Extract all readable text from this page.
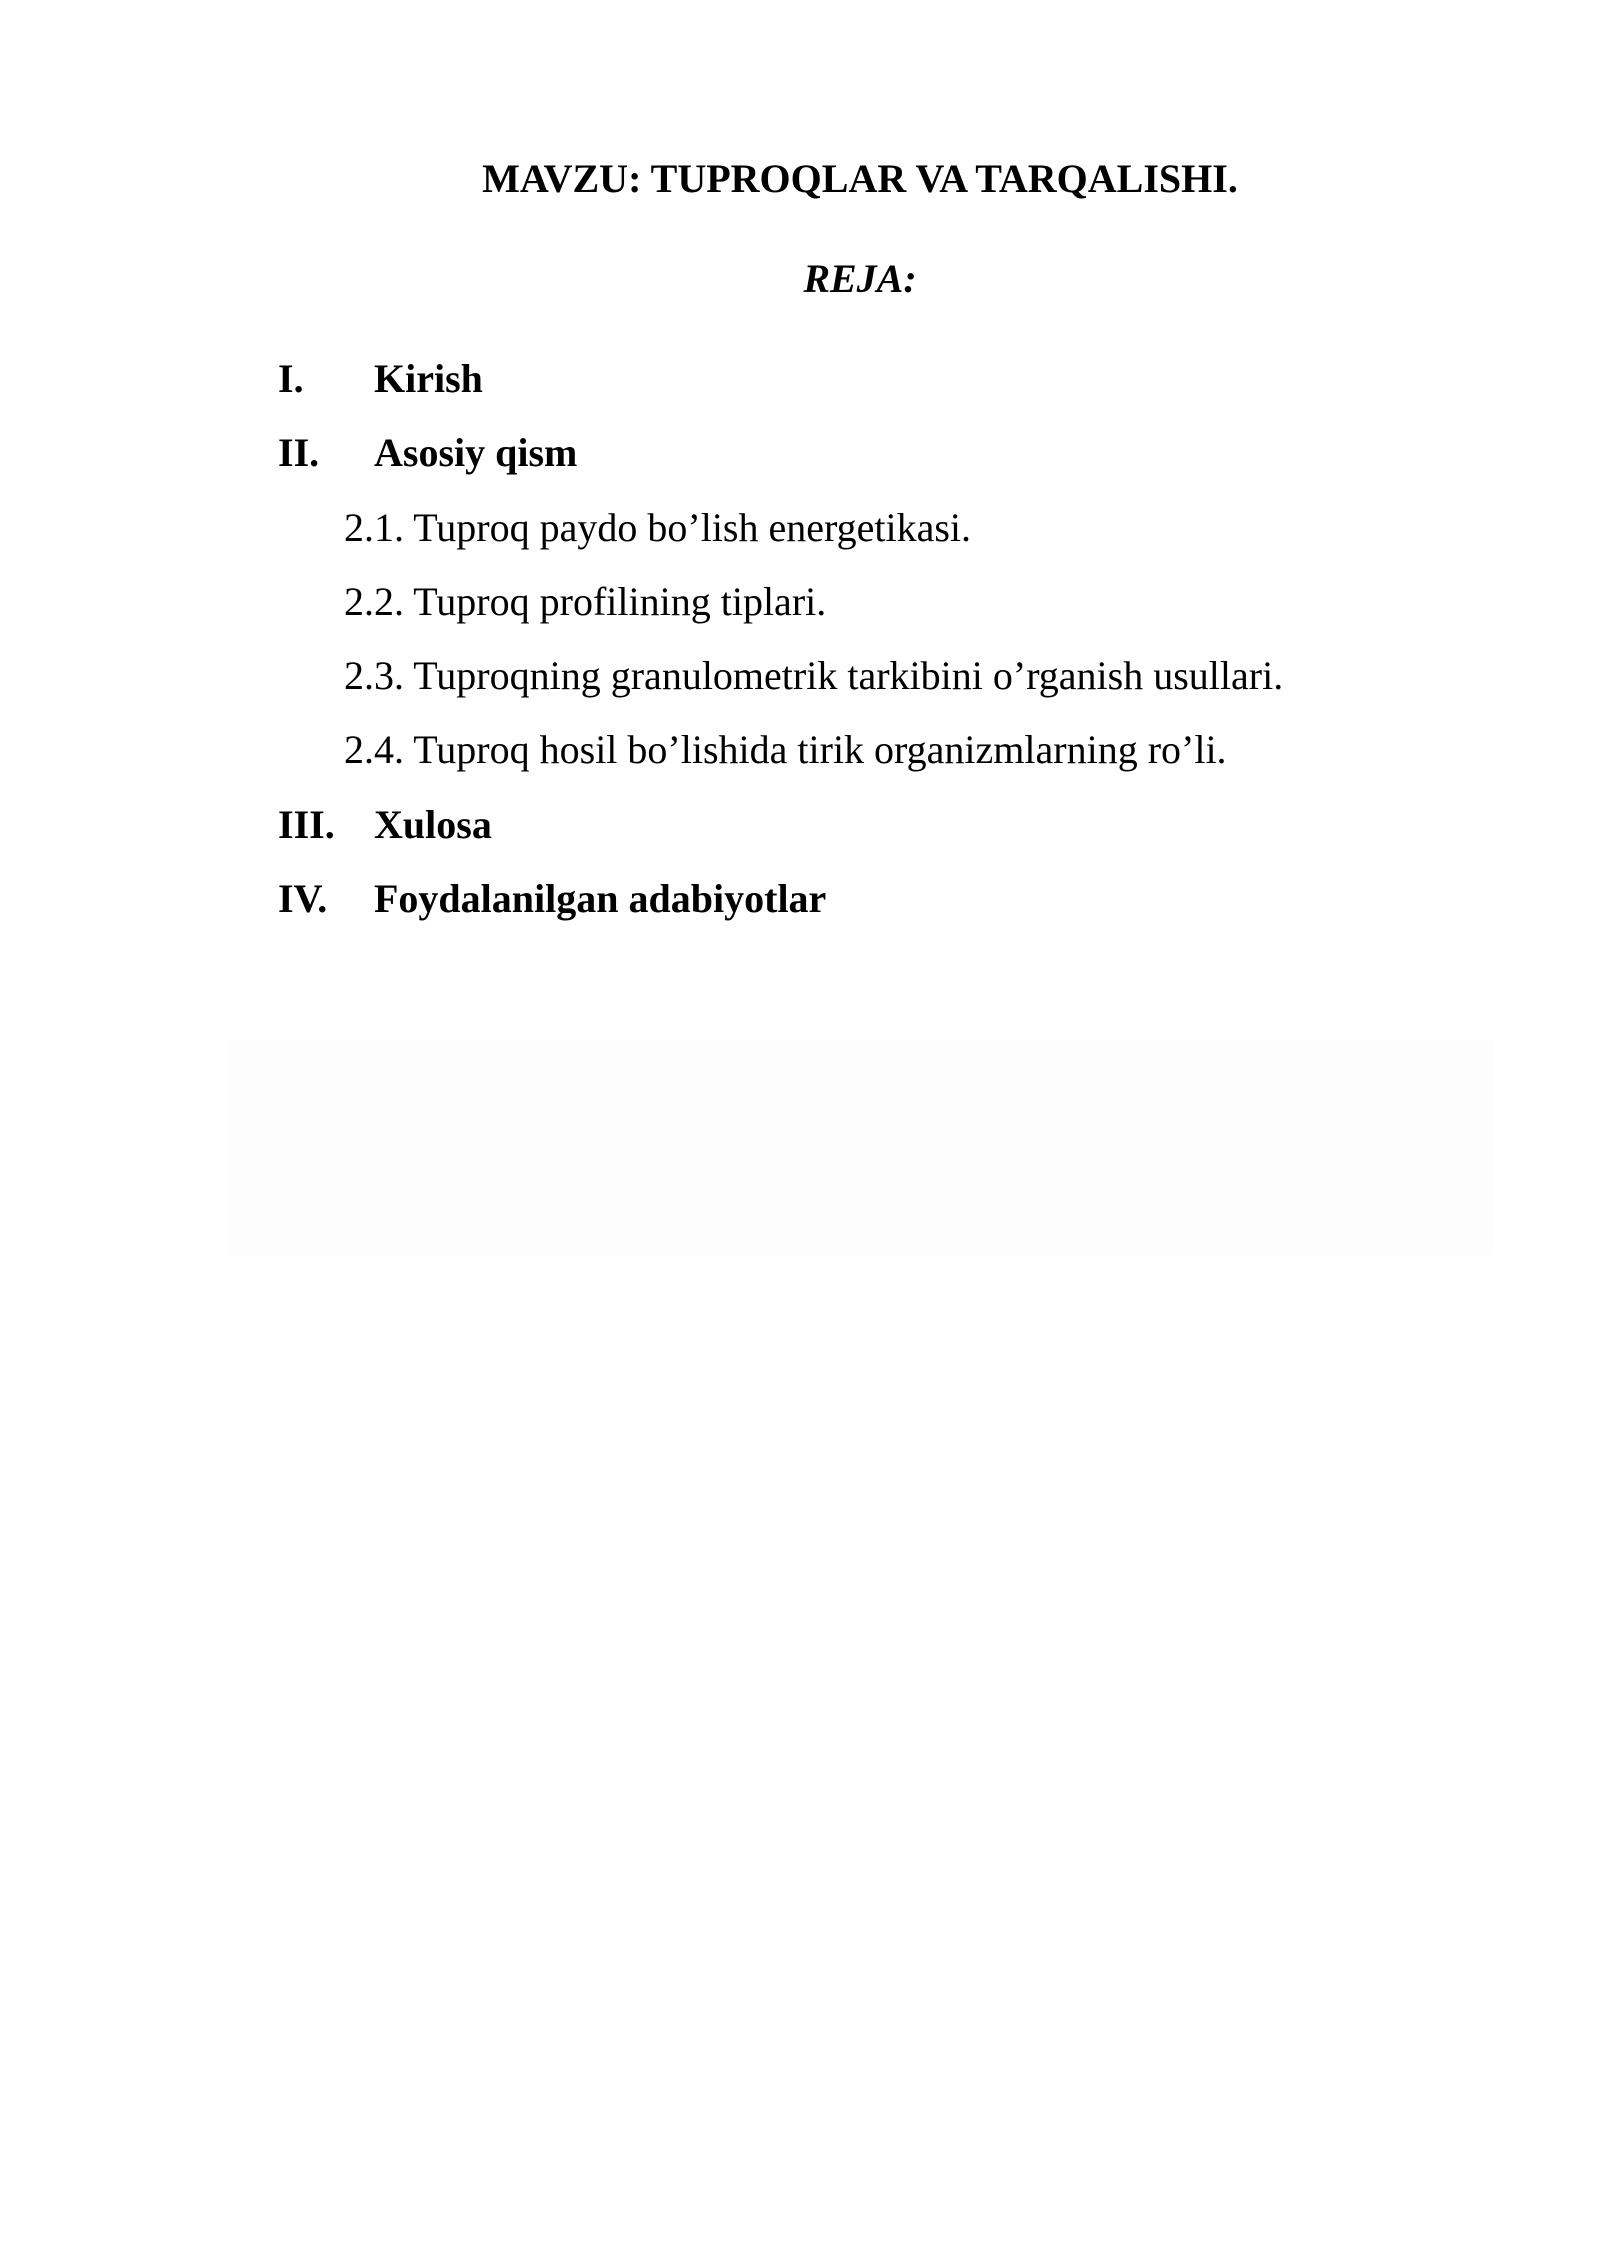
MAVZU: TUPROQLAR VA TARQALISHI.
REJA:
I. Kirish
II. Asosiy qism
2.1. Tuproq paydo bo’lish energetikasi.
2.2. Tuproq profilining tiplari.
2.3. Tuproqning granulometrik tarkibini o’rganish usullari.
2.4. Tuproq hosil bo’lishida tirik organizmlarning ro’li.
III. Xulosa
IV. Foydalanilgan adabiyotlar
